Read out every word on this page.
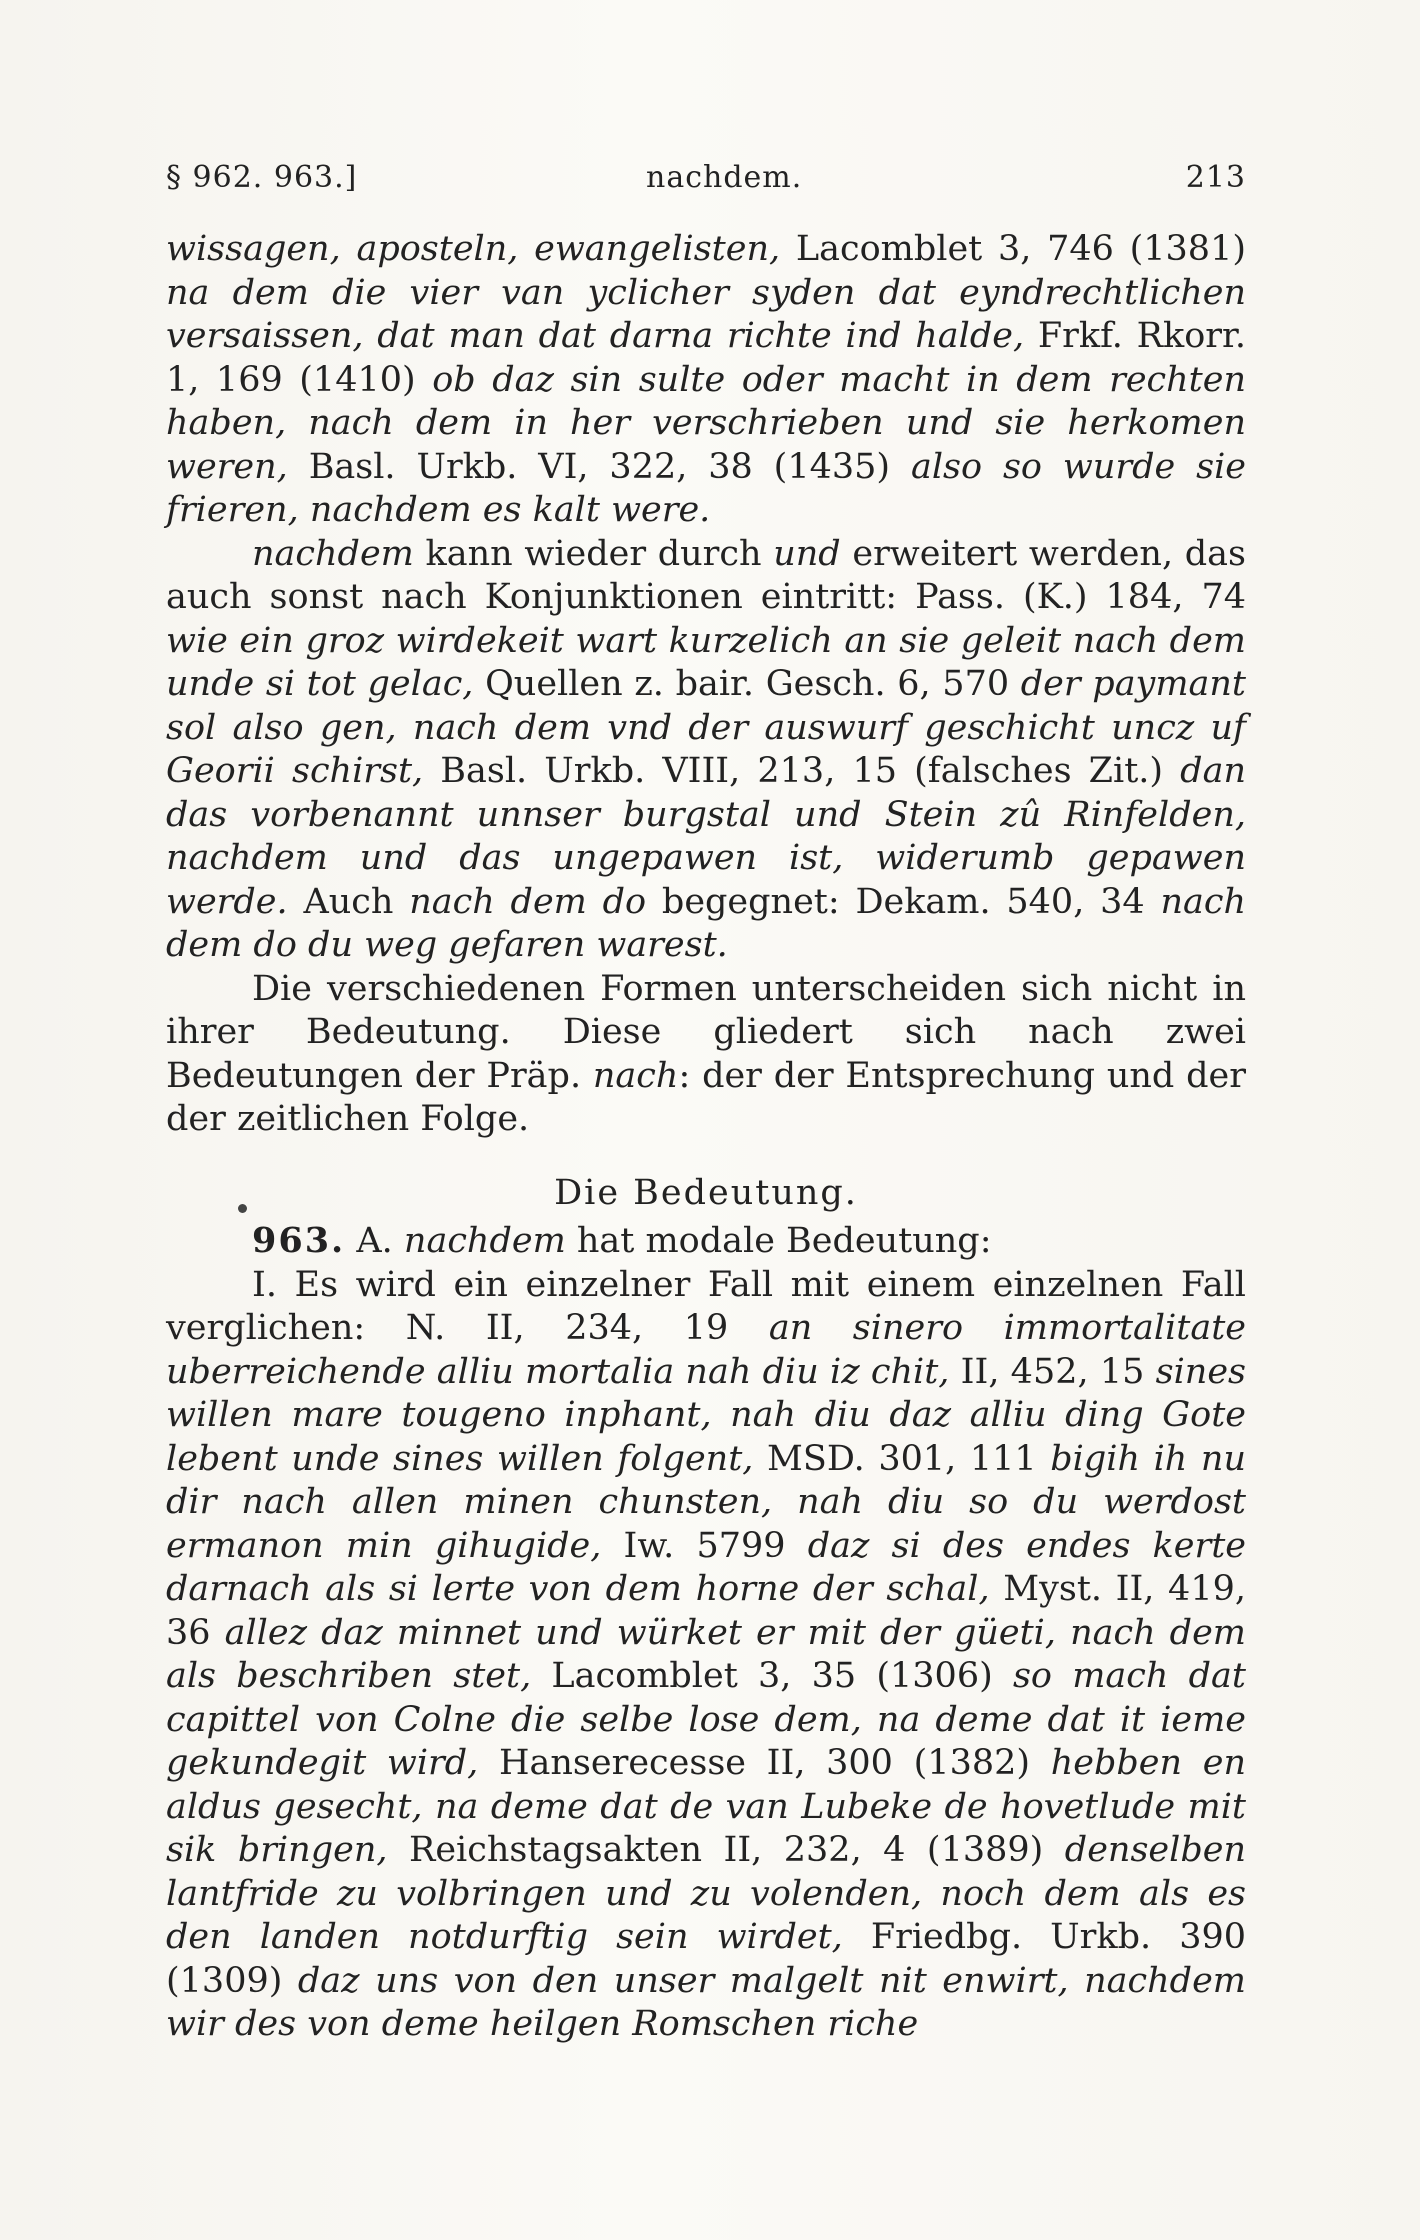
§ 962. 963.]	nachdem.	213

wissagen, aposteln, ewangelisten, Lacomblet 3, 746 (1381) na dem die vier van yclicher syden dat eyndrechtlichen versaissen, dat man dat darna richte ind halde, Frkf. Rkorr. 1, 169 (1410) ob daz sin sulte oder macht in dem rechten haben, nach dem in her verschrieben und sie herkomen weren, Basl. Urkb. VI, 322, 38 (1435) also so wurde sie frieren, nachdem es kalt were.

nachdem kann wieder durch und erweitert werden, das auch sonst nach Konjunktionen eintritt: Pass. (K.) 184, 74 wie ein groz wirdekeit wart kurzelich an sie geleit nach dem unde si tot gelac, Quellen z. bair. Gesch. 6, 570 der paymant sol also gen, nach dem vnd der auswurf geschicht uncz uf Georii schirst, Basl. Urkb. VIII, 213, 15 (falsches Zit.) dan das vorbenannt unnser burgstal und Stein zû Rinfelden, nachdem und das ungepawen ist, widerumb gepawen werde. Auch nach dem do begegnet: Dekam. 540, 34 nach dem do du weg gefaren warest.

Die verschiedenen Formen unterscheiden sich nicht in ihrer Bedeutung. Diese gliedert sich nach zwei Bedeutungen der Präp. nach: der der Entsprechung und der der zeitlichen Folge.

Die Bedeutung.

963. A. nachdem hat modale Bedeutung:

I. Es wird ein einzelner Fall mit einem einzelnen Fall verglichen: N. II, 234, 19 an sinero immortalitate uberreichende alliu mortalia nah diu iz chit, II, 452, 15 sines willen mare tougeno inphant, nah diu daz alliu ding Gote lebent unde sines willen folgent, MSD. 301, 111 bigih ih nu dir nach allen minen chunsten, nah diu so du werdost ermanon min gihugide, Iw. 5799 daz si des endes kerte darnach als si lerte von dem horne der schal, Myst. II, 419, 36 allez daz minnet und würket er mit der güeti, nach dem als beschriben stet, Lacomblet 3, 35 (1306) so mach dat capittel von Colne die selbe lose dem, na deme dat it ieme gekundegit wird, Hanserecesse II, 300 (1382) hebben en aldus gesecht, na deme dat de van Lubeke de hovetlude mit sik bringen, Reichstagsakten II, 232, 4 (1389) denselben lantfride zu volbringen und zu volenden, noch dem als es den landen notdurftig sein wirdet, Friedbg. Urkb. 390 (1309) daz uns von den unser malgelt nit enwirt, nachdem wir des von deme heilgen Romschen riche
